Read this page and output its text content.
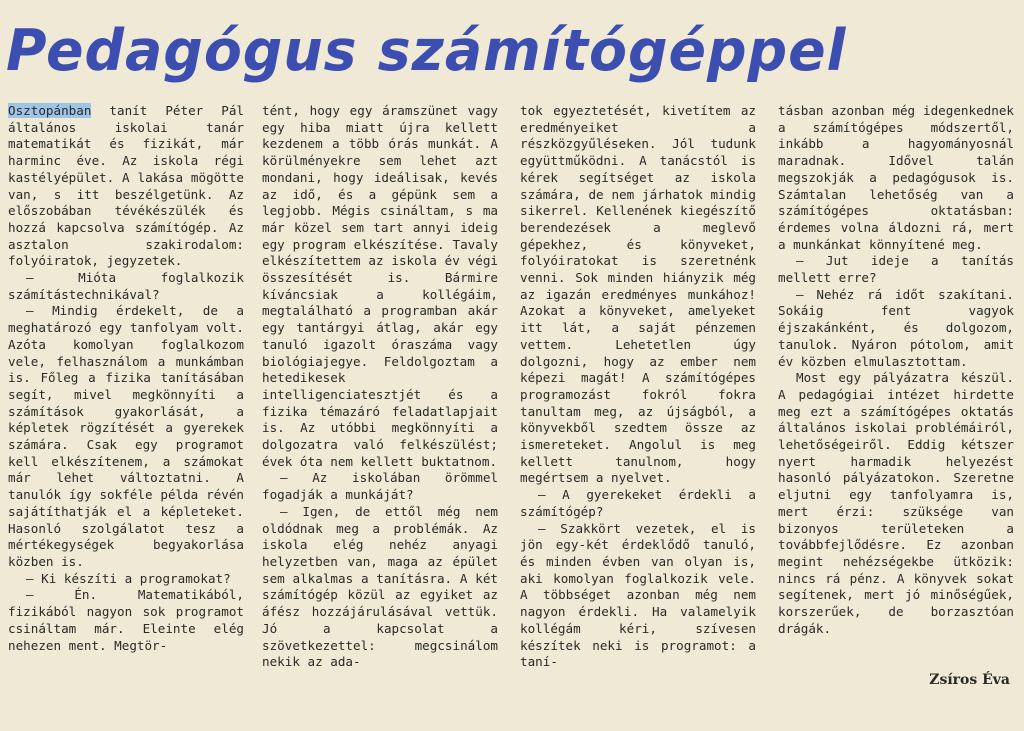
Pedagógus számítógéppel

Osztopánban tanít Péter Pál általános iskolai tanár matematikát és fizikát, már harminc éve. Az iskola régi kastélyépület. A lakása mögötte van, s itt beszélgetünk. Az előszobában tévékészülék és hozzá kapcsolva számítógép. Az asztalon szakirodalom: folyóiratok, jegyzetek.

— Mióta foglalkozik számítástechnikával?

— Mindig érdekelt, de a meghatározó egy tanfolyam volt. Azóta komolyan foglalkozom vele, felhasználom a munkámban is. Főleg a fizika tanításában segít, mivel megkönnyíti a számítások gyakorlását, a képletek rögzítését a gyerekek számára. Csak egy programot kell elkészítenem, a számokat már lehet változtatni. A tanulók így sokféle példa révén sajátíthatják el a képleteket. Hasonló szolgálatot tesz a mértékegységek begyakorlása közben is.

— Ki készíti a programokat?

— Én. Matematikából, fizikából nagyon sok programot csináltam már. Eleinte elég nehezen ment. Megtör-

tént, hogy egy áramszünet vagy egy hiba miatt újra kellett kezdenem a több órás munkát. A körülményekre sem lehet azt mondani, hogy ideálisak, kevés az idő, és a gépünk sem a legjobb. Mégis csináltam, s ma már közel sem tart annyi ideig egy program elkészítése. Tavaly elkészítettem az iskola év végi összesítését is. Bármire kíváncsiak a kollégáim, megtalálható a programban akár egy tantárgyi átlag, akár egy tanuló igazolt óraszáma vagy biológiajegye. Feldolgoztam a hetedikesek intelligenciatesztjét és a fizika témazáró feladatlapjait is. Az utóbbi megkönnyíti a dolgozatra való felkészülést; évek óta nem kellett buktatnom.

— Az iskolában örömmel fogadják a munkáját?

— Igen, de ettől még nem oldódnak meg a problémák. Az iskola elég nehéz anyagi helyzetben van, maga az épület sem alkalmas a tanításra. A két számítógép közül az egyiket az áfész hozzájárulásával vettük. Jó a kapcsolat a szövetkezettel: megcsinálom nekik az ada-

tok egyeztetését, kivetítem az eredményeiket a részközgyűléseken. Jól tudunk együttműködni. A tanácstól is kérek segítséget az iskola számára, de nem járhatok mindig sikerrel. Kellenének kiegészítő berendezések a meglevő gépekhez, és könyveket, folyóiratokat is szeretnénk venni. Sok minden hiányzik még az igazán eredményes munkához! Azokat a könyveket, amelyeket itt lát, a saját pénzemen vettem. Lehetetlen úgy dolgozni, hogy az ember nem képezi magát! A számítógépes programozást fokról fokra tanultam meg, az újságból, a könyvekből szedtem össze az ismereteket. Angolul is meg kellett tanulnom, hogy megértsem a nyelvet.

— A gyerekeket érdekli a számítógép?

— Szakkört vezetek, el is jön egy-két érdeklődő tanuló, és minden évben van olyan is, aki komolyan foglalkozik vele. A többséget azonban még nem nagyon érdekli. Ha valamelyik kollégám kéri, szívesen készítek neki is programot: a taní-

tásban azonban még idegenkednek a számítógépes módszertől, inkább a hagyományosnál maradnak. Idővel talán megszokják a pedagógusok is. Számtalan lehetőség van a számítógépes oktatásban: érdemes volna áldozni rá, mert a munkánkat könnyítené meg.

— Jut ideje a tanítás mellett erre?

— Nehéz rá időt szakítani. Sokáig fent vagyok éjszakánként, és dolgozom, tanulok. Nyáron pótolom, amit év közben elmulasztottam.

Most egy pályázatra készül. A pedagógiai intézet hirdette meg ezt a számítógépes oktatás általános iskolai problémáiról, lehetőségeiről. Eddig kétszer nyert harmadik helyezést hasonló pályázatokon. Szeretne eljutni egy tanfolyamra is, mert érzi: szüksége van bizonyos területeken a továbbfejlődésre. Ez azonban megint nehézségekbe ütközik: nincs rá pénz. A könyvek sokat segítenek, mert jó minőségűek, korszerűek, de borzasztóan drágák.

Zsíros Éva
